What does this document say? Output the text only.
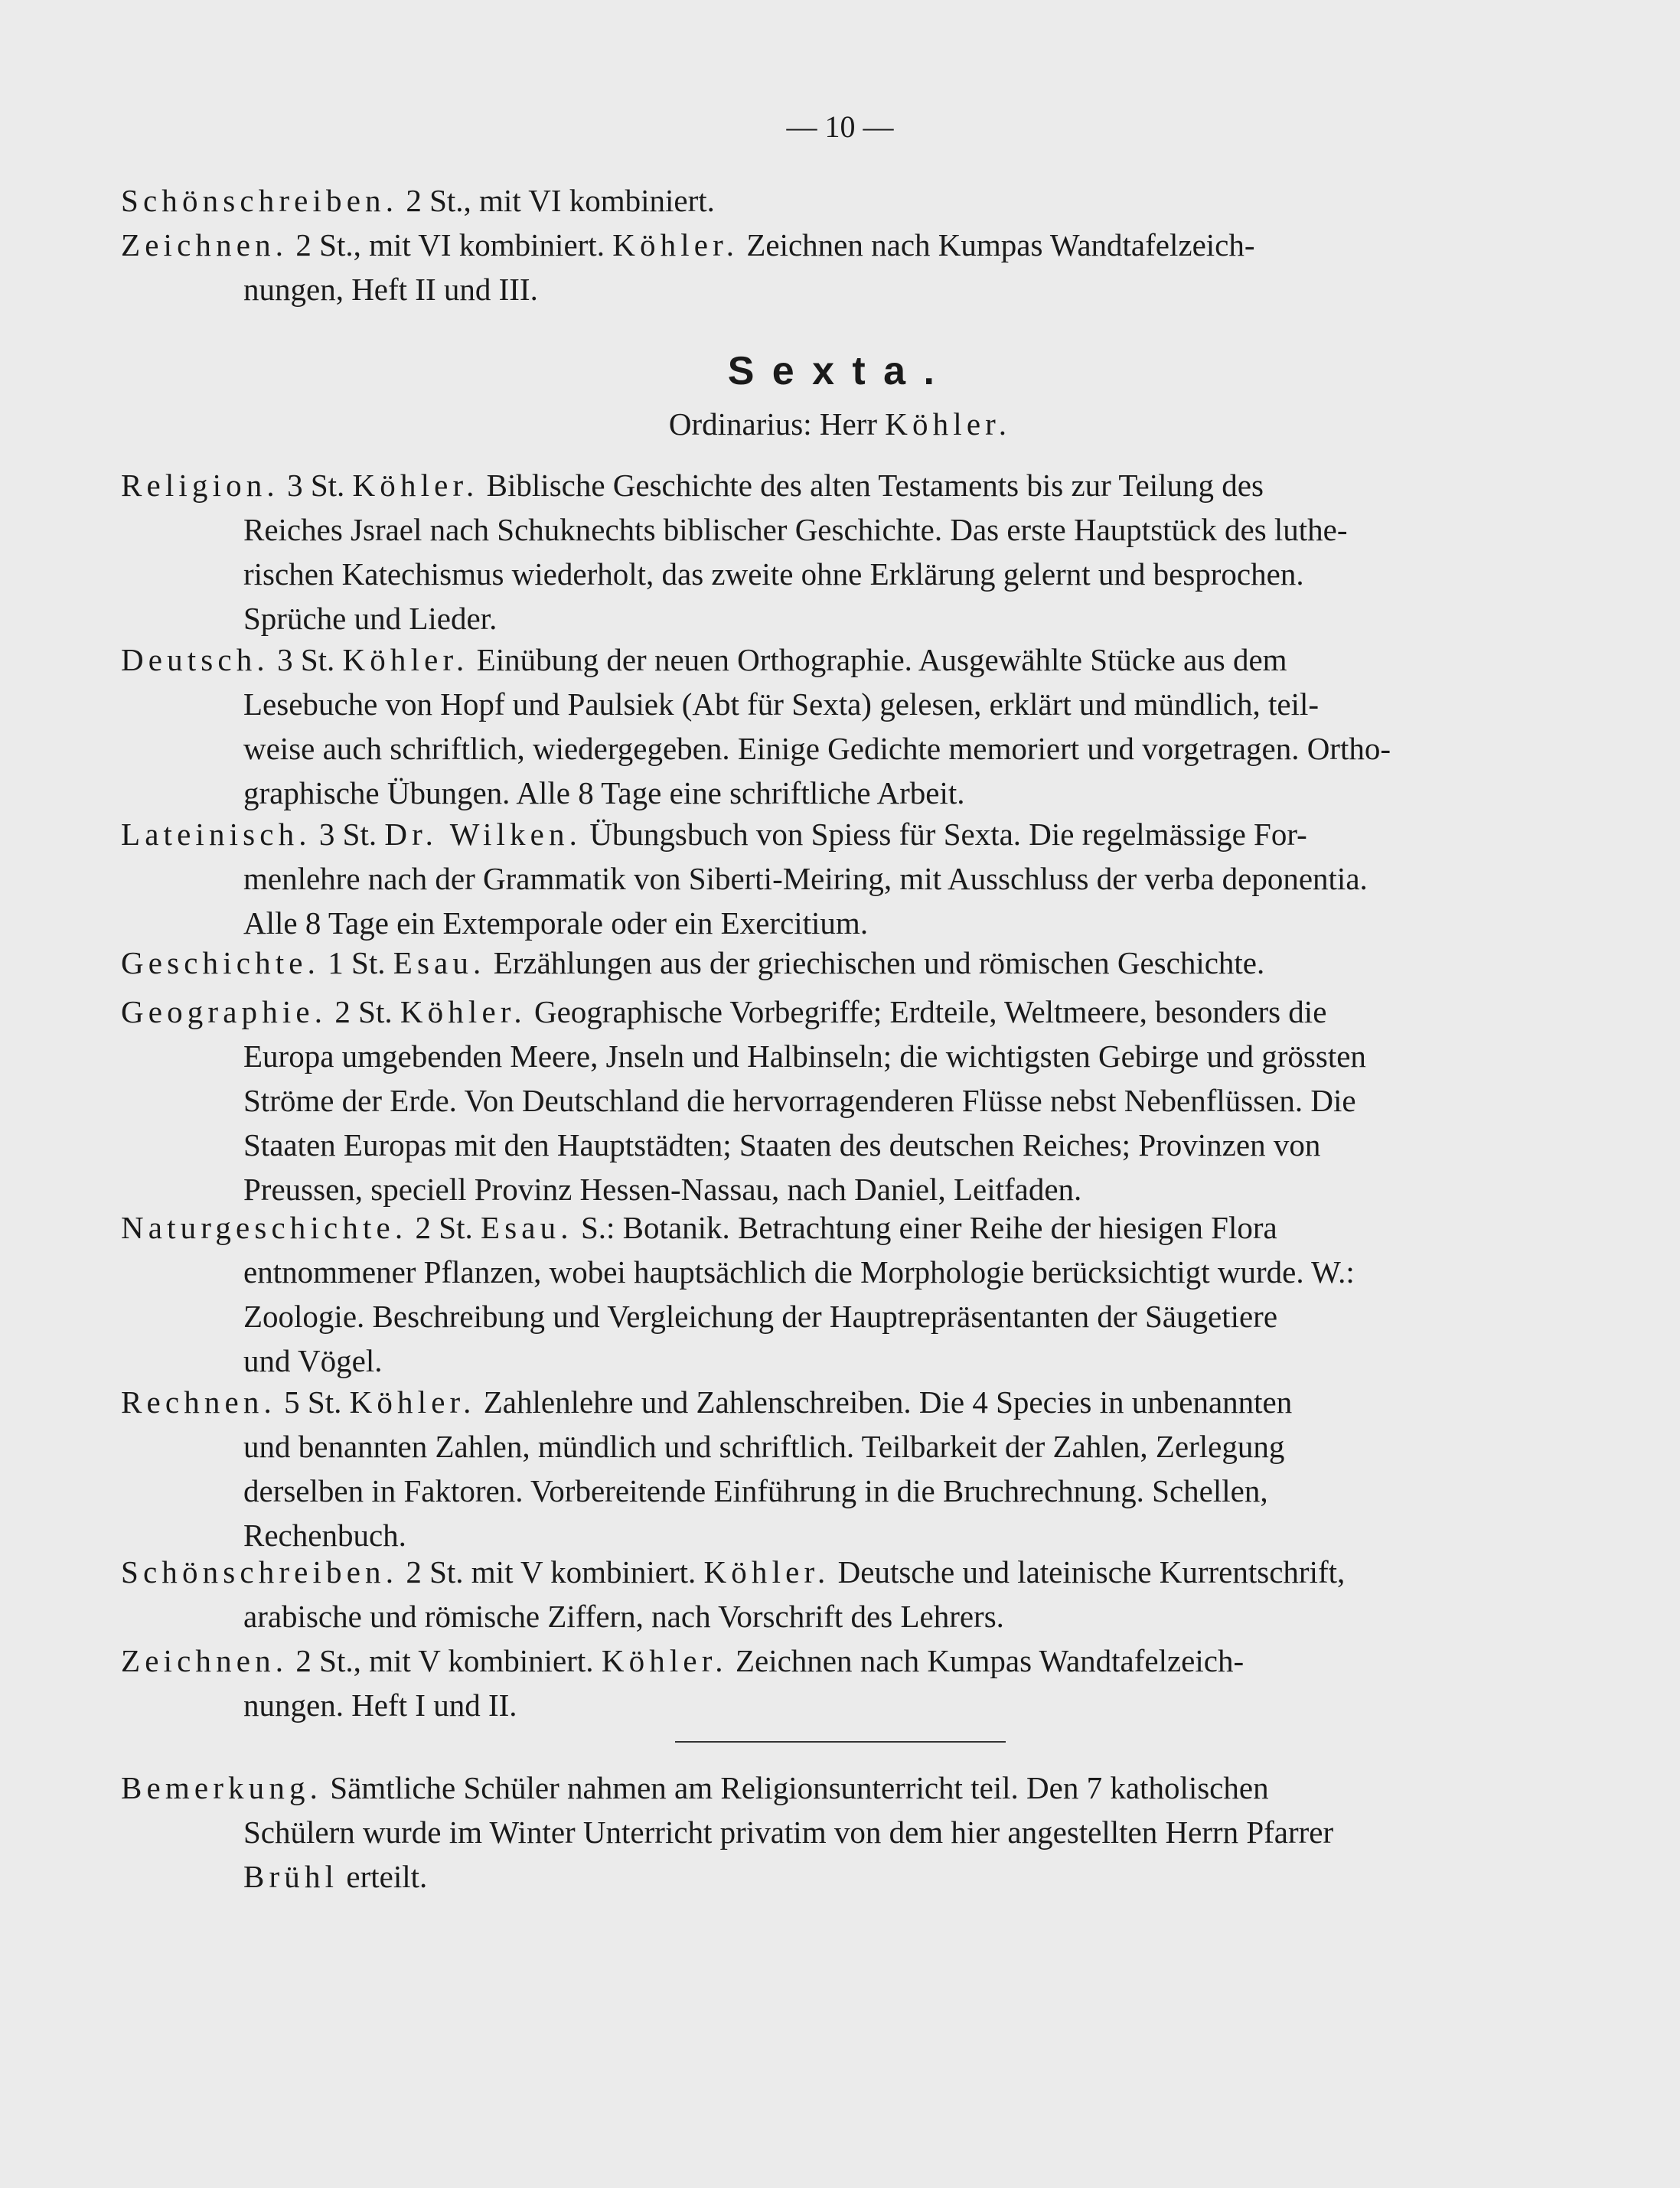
— 10 —
Schönschreiben. 2 St., mit VI kombiniert.
Zeichnen. 2 St., mit VI kombiniert. Köhler. Zeichnen nach Kumpas Wandtafelzeich-
nungen, Heft II und III.
Sexta.
Ordinarius: Herr Köhler.
Religion. 3 St. Köhler. Biblische Geschichte des alten Testaments bis zur Teilung des
Reiches Jsrael nach Schuknechts biblischer Geschichte. Das erste Hauptstück des luthe-
rischen Katechismus wiederholt, das zweite ohne Erklärung gelernt und besprochen.
Sprüche und Lieder.
Deutsch. 3 St. Köhler. Einübung der neuen Orthographie. Ausgewählte Stücke aus dem
Lesebuche von Hopf und Paulsiek (Abt für Sexta) gelesen, erklärt und mündlich, teil-
weise auch schriftlich, wiedergegeben. Einige Gedichte memoriert und vorgetragen. Ortho-
graphische Übungen. Alle 8 Tage eine schriftliche Arbeit.
Lateinisch. 3 St. Dr. Wilken. Übungsbuch von Spiess für Sexta. Die regelmässige For-
menlehre nach der Grammatik von Siberti-Meiring, mit Ausschluss der verba deponentia.
Alle 8 Tage ein Extemporale oder ein Exercitium.
Geschichte. 1 St. Esau. Erzählungen aus der griechischen und römischen Geschichte.
Geographie. 2 St. Köhler. Geographische Vorbegriffe; Erdteile, Weltmeere, besonders die
Europa umgebenden Meere, Jnseln und Halbinseln; die wichtigsten Gebirge und grössten
Ströme der Erde. Von Deutschland die hervorragenderen Flüsse nebst Nebenflüssen. Die
Staaten Europas mit den Hauptstädten; Staaten des deutschen Reiches; Provinzen von
Preussen, speciell Provinz Hessen-Nassau, nach Daniel, Leitfaden.
Naturgeschichte. 2 St. Esau. S.: Botanik. Betrachtung einer Reihe der hiesigen Flora
entnommener Pflanzen, wobei hauptsächlich die Morphologie berücksichtigt wurde. W.:
Zoologie. Beschreibung und Vergleichung der Hauptrepräsentanten der Säugetiere
und Vögel.
Rechnen. 5 St. Köhler. Zahlenlehre und Zahlenschreiben. Die 4 Species in unbenannten
und benannten Zahlen, mündlich und schriftlich. Teilbarkeit der Zahlen, Zerlegung
derselben in Faktoren. Vorbereitende Einführung in die Bruchrechnung. Schellen,
Rechenbuch.
Schönschreiben. 2 St. mit V kombiniert. Köhler. Deutsche und lateinische Kurrentschrift,
arabische und römische Ziffern, nach Vorschrift des Lehrers.
Zeichnen. 2 St., mit V kombiniert. Köhler. Zeichnen nach Kumpas Wandtafelzeich-
nungen. Heft I und II.
Bemerkung. Sämtliche Schüler nahmen am Religionsunterricht teil. Den 7 katholischen
Schülern wurde im Winter Unterricht privatim von dem hier angestellten Herrn Pfarrer
Brühl erteilt.
